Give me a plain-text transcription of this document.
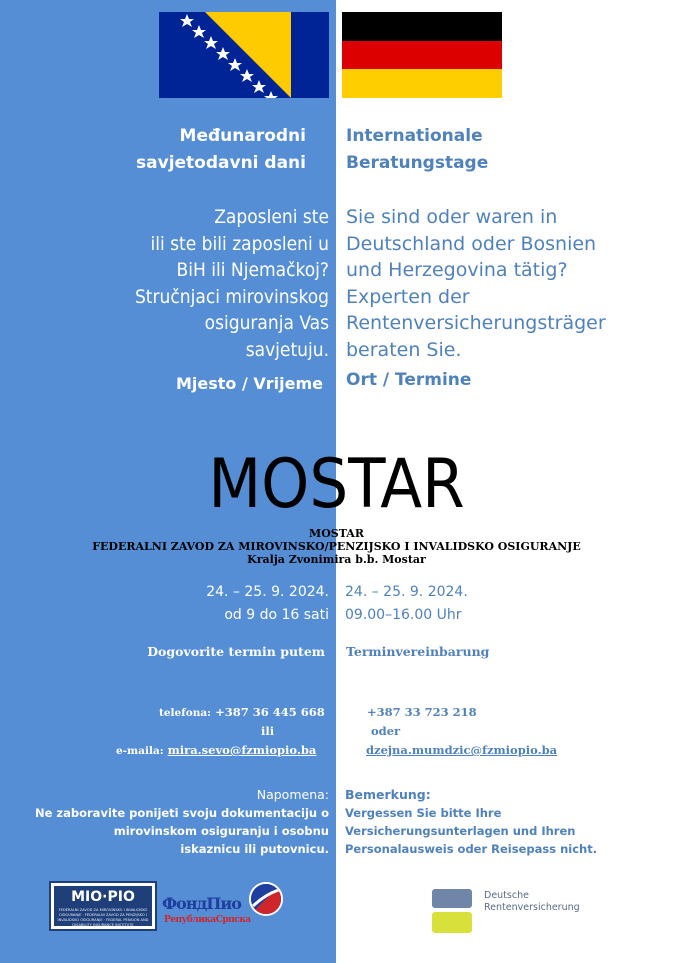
Međunarodni
savjetodavni dani
Internationale
Beratungstage
Zaposleni ste
ili ste bili zaposleni u
BiH ili Njemačkoj?
Stručnjaci mirovinskog
osiguranja Vas
savjetuju.
Sie sind oder waren in
Deutschland oder Bosnien
und Herzegovina tätig?
Experten der
Rentenversicherungsträger
beraten Sie.
Mjesto / Vrijeme Ort / Termine
MOSTAR
MOSTAR
FEDERALNI ZAVOD ZA MIROVINSKO/PENZIJSKO I INVALIDSKO OSIGURANJE
Kralja Zvonimira b.b. Mostar
24. – 25. 9. 2024.
od 9 do 16 sati
24. – 25. 9. 2024.
09.00–16.00 Uhr
Dogovorite termin putem Terminvereinbarung
telefona: +387 36 445 668
ili
e-maila: mira.sevo@fzmiopio.ba
+387 33 723 218
oder
dzejna.mumdzic@fzmiopio.ba
Napomena:
Ne zaboravite ponijeti svoju dokumentaciju o
mirovinskom osiguranju i osobnu
iskaznicu ili putovnicu.
Bemerkung:
Vergessen Sie bitte Ihre
Versicherungsunterlagen und Ihren
Personalausweis oder Reisepass nicht.
MIO·PIO
FEDERALNI ZAVOD ZA MIROVINSKO I INVALIDSKO OSIGURANJE · FEDERALNI ZAVOD ZA PENZIJSKO I INVALIDSKO OSIGURANJE · FEDERAL PENSION AND DISABILITY INSURANCE INSTITUTE
ФондПио
РепубликаСрпска
Deutsche
Rentenversicherung
